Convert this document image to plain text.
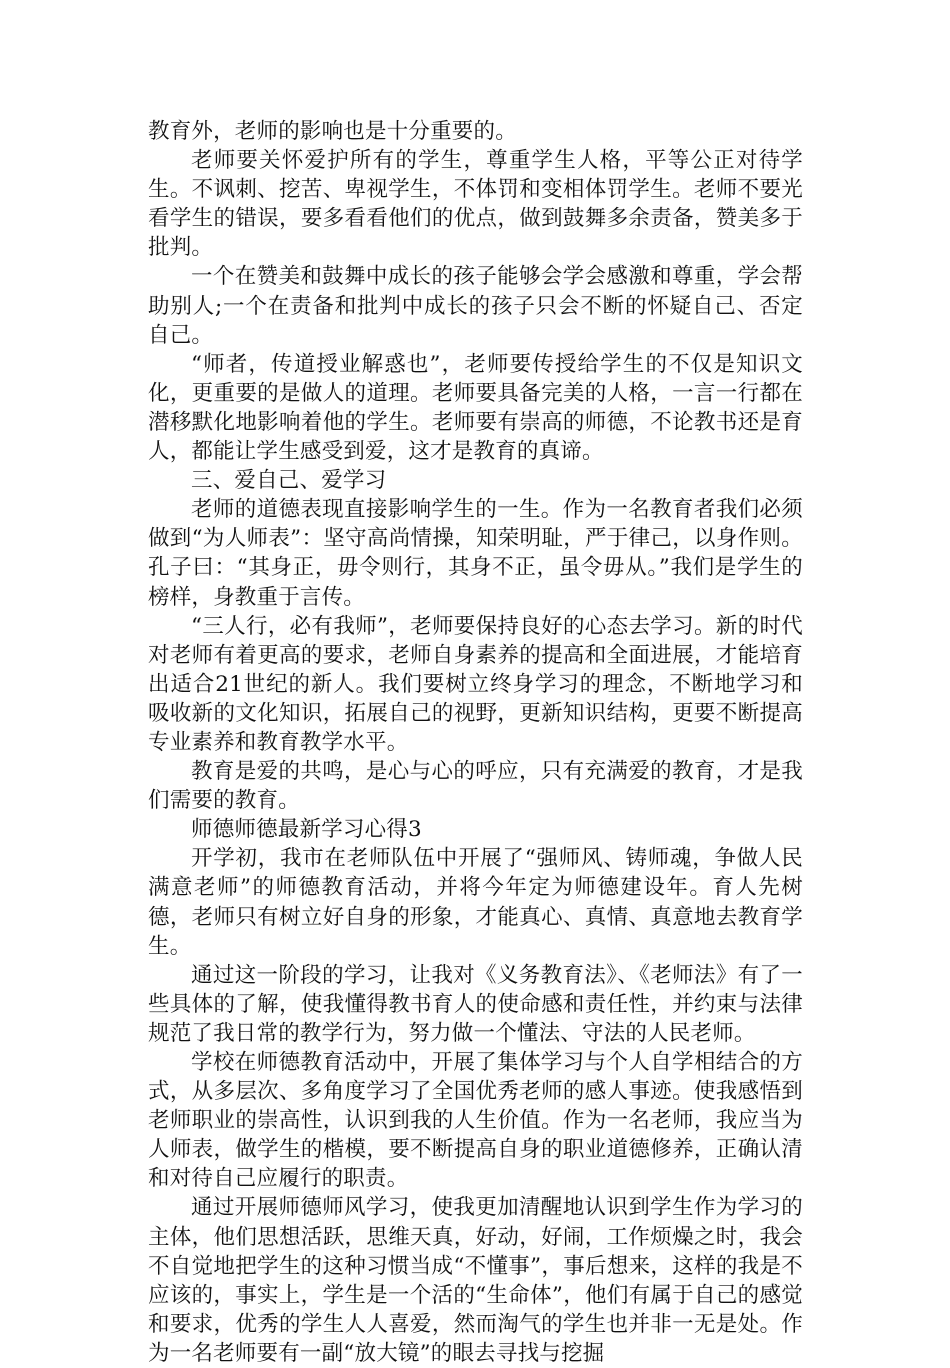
教育外，老师的影响也是十分重要的。

老师要关怀爱护所有的学生，尊重学生人格，平等公正对待学生。不讽刺、挖苦、卑视学生，不体罚和变相体罚学生。老师不要光看学生的错误，要多看看他们的优点，做到鼓舞多余责备，赞美多于批判。

一个在赞美和鼓舞中成长的孩子能够会学会感激和尊重，学会帮助别人;一个在责备和批判中成长的孩子只会不断的怀疑自己、否定自己。

“师者，传道授业解惑也”，老师要传授给学生的不仅是知识文化，更重要的是做人的道理。老师要具备完美的人格，一言一行都在潜移默化地影响着他的学生。老师要有崇高的师德，不论教书还是育人，都能让学生感受到爱，这才是教育的真谛。

三、爱自己、爱学习

老师的道德表现直接影响学生的一生。作为一名教育者我们必须做到“为人师表”：坚守高尚情操，知荣明耻，严于律己，以身作则。孔子曰：“其身正，毋令则行，其身不正，虽令毋从。”我们是学生的榜样，身教重于言传。

“三人行，必有我师”，老师要保持良好的心态去学习。新的时代对老师有着更高的要求，老师自身素养的提高和全面进展，才能培育出适合21世纪的新人。我们要树立终身学习的理念，不断地学习和吸收新的文化知识，拓展自己的视野，更新知识结构，更要不断提高专业素养和教育教学水平。

教育是爱的共鸣，是心与心的呼应，只有充满爱的教育，才是我们需要的教育。

师德师德最新学习心得3

开学初，我市在老师队伍中开展了“强师风、铸师魂，争做人民满意老师”的师德教育活动，并将今年定为师德建设年。育人先树德，老师只有树立好自身的形象，才能真心、真情、真意地去教育学生。

通过这一阶段的学习，让我对《义务教育法》、《老师法》有了一些具体的了解，使我懂得教书育人的使命感和责任性，并约束与法律规范了我日常的教学行为，努力做一个懂法、守法的人民老师。

学校在师德教育活动中，开展了集体学习与个人自学相结合的方式，从多层次、多角度学习了全国优秀老师的感人事迹。使我感悟到老师职业的崇高性，认识到我的人生价值。作为一名老师，我应当为人师表，做学生的楷模，要不断提高自身的职业道德修养，正确认清和对待自己应履行的职责。

通过开展师德师风学习，使我更加清醒地认识到学生作为学习的主体，他们思想活跃，思维天真，好动，好闹，工作烦燥之时，我会不自觉地把学生的这种习惯当成“不懂事”，事后想来，这样的我是不应该的，事实上，学生是一个活的“生命体”，他们有属于自己的感觉和要求，优秀的学生人人喜爱，然而淘气的学生也并非一无是处。作为一名老师要有一副“放大镜”的眼去寻找与挖掘
